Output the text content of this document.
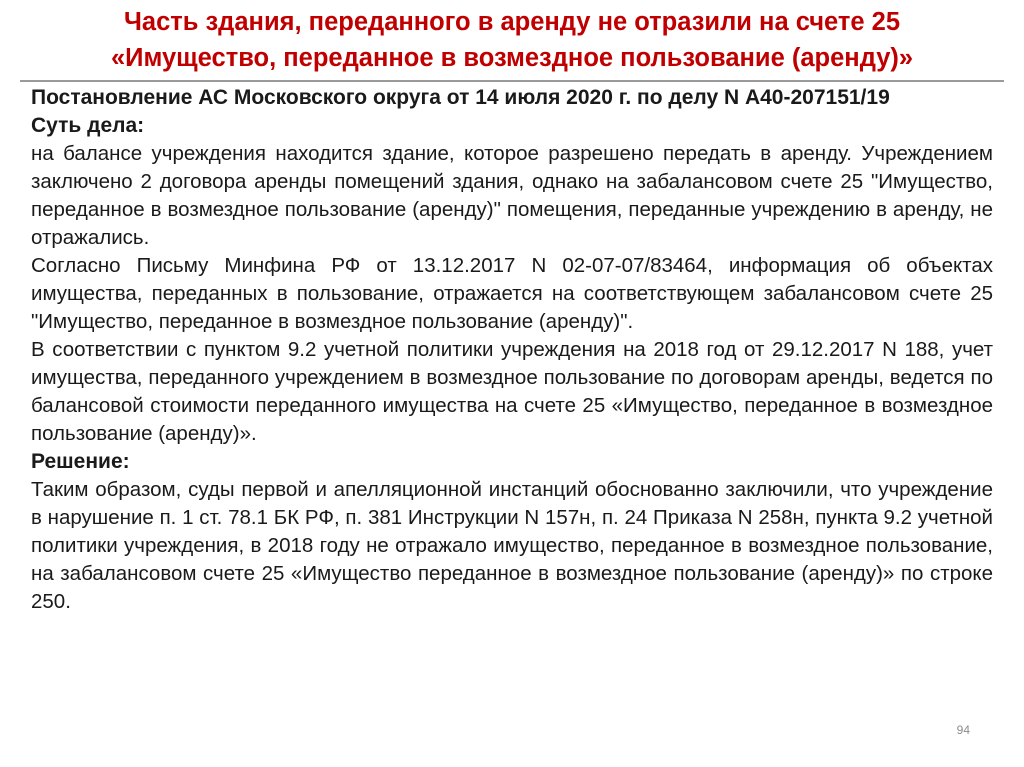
Часть здания, переданного в аренду не отразили на счете 25
«Имущество, переданное в возмездное пользование (аренду)»

Постановление АС Московского округа от 14 июля 2020 г. по делу N А40-207151/19

Суть дела:

на балансе учреждения находится здание, которое разрешено передать в аренду. Учреждением заключено 2 договора аренды помещений здания, однако на забалансовом счете 25 "Имущество, переданное в возмездное пользование (аренду)" помещения, переданные учреждению в аренду, не отражались.

Согласно Письму Минфина РФ от 13.12.2017 N 02-07-07/83464, информация об объектах имущества, переданных в пользование, отражается на соответствующем забалансовом счете 25 "Имущество, переданное в возмездное пользование (аренду)".

В соответствии с пунктом 9.2 учетной политики учреждения на 2018 год от 29.12.2017 N 188, учет имущества, переданного учреждением в возмездное пользование по договорам аренды, ведется по балансовой стоимости переданного имущества на счете 25 «Имущество, переданное в возмездное пользование (аренду)».

Решение:

Таким образом, суды первой и апелляционной инстанций обоснованно заключили, что учреждение в нарушение п. 1 ст. 78.1 БК РФ, п. 381 Инструкции N 157н, п. 24 Приказа N 258н, пункта 9.2 учетной политики учреждения, в 2018 году не отражало имущество, переданное в возмездное пользование, на забалансовом счете 25 «Имущество переданное в возмездное пользование (аренду)» по строке 250.

94
